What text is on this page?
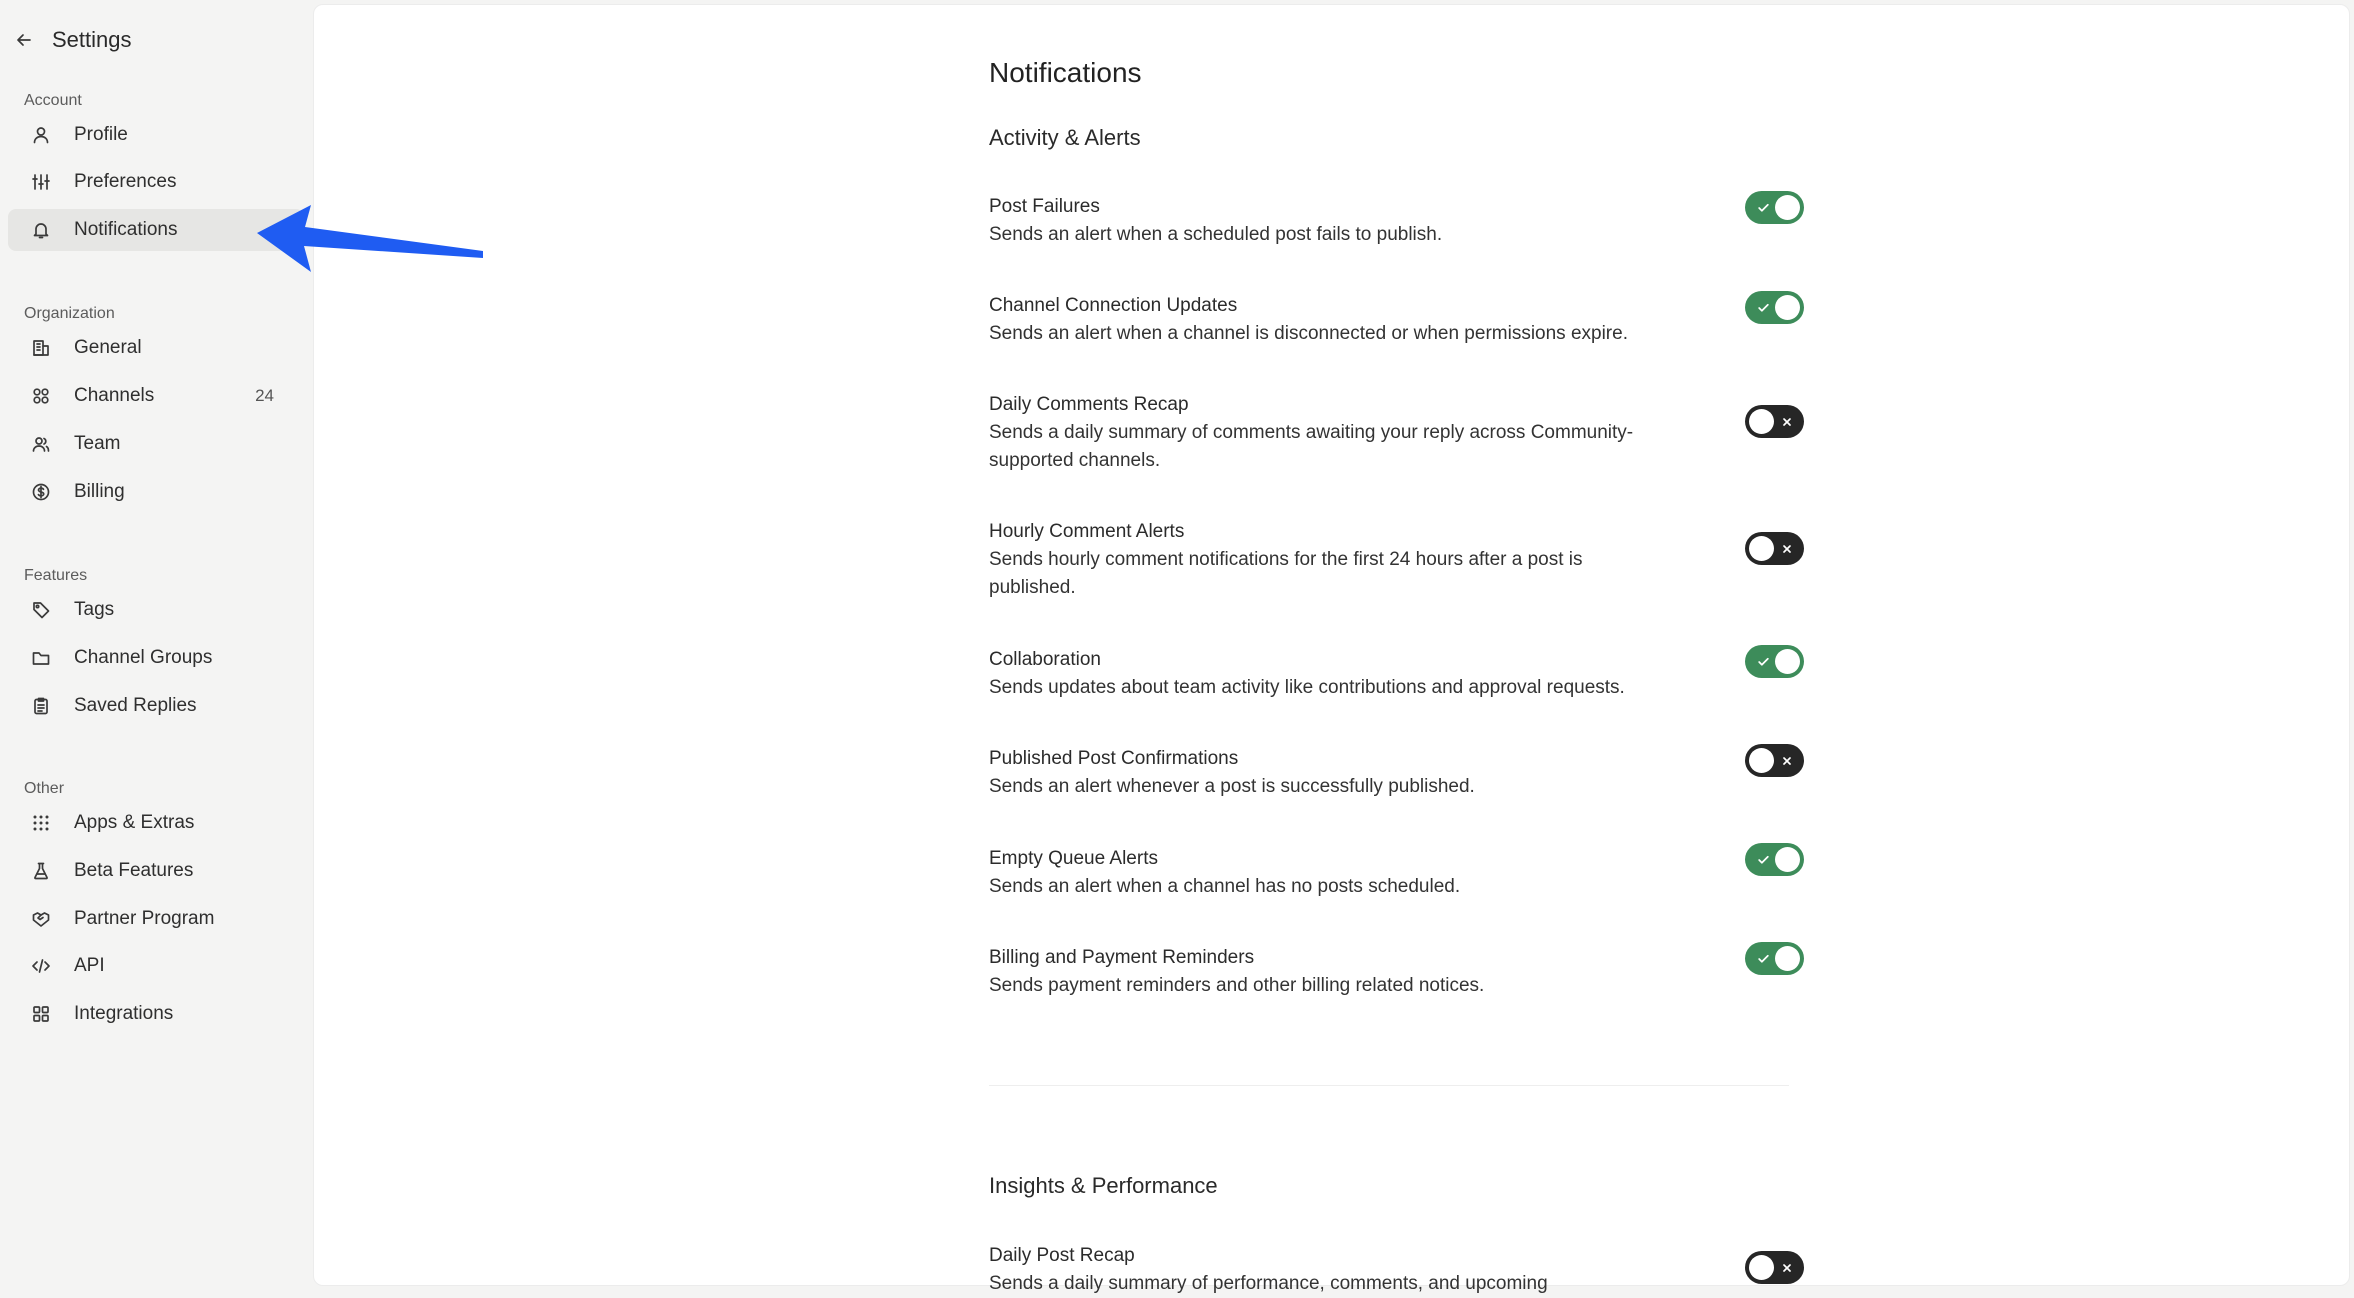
Settings
Account
Profile
Preferences
Notifications
Organization
General
Channels	24
Team
Billing
Features
Tags
Channel Groups
Saved Replies
Other
Apps & Extras
Beta Features
Partner Program
API
Integrations
Notifications
Activity & Alerts
Post Failures
Sends an alert when a scheduled post fails to publish.
Channel Connection Updates
Sends an alert when a channel is disconnected or when permissions expire.
Daily Comments Recap
Sends a daily summary of comments awaiting your reply across Community-supported channels.
Hourly Comment Alerts
Sends hourly comment notifications for the first 24 hours after a post is published.
Collaboration
Sends updates about team activity like contributions and approval requests.
Published Post Confirmations
Sends an alert whenever a post is successfully published.
Empty Queue Alerts
Sends an alert when a channel has no posts scheduled.
Billing and Payment Reminders
Sends payment reminders and other billing related notices.
Insights & Performance
Daily Post Recap
Sends a daily summary of performance, comments, and upcoming
